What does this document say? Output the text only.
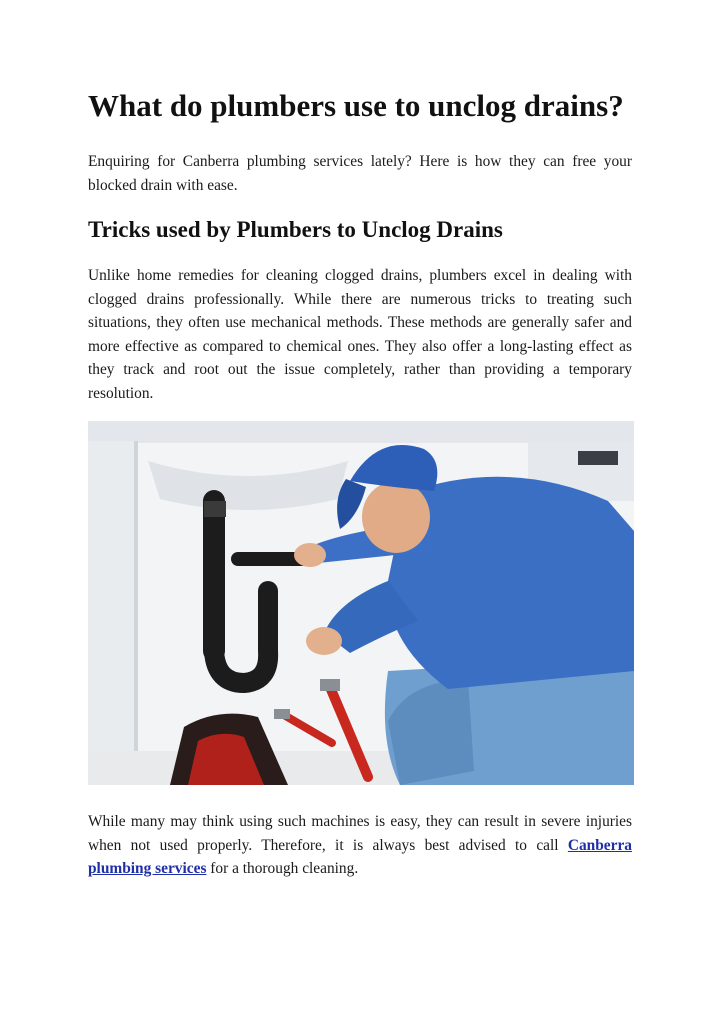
What do plumbers use to unclog drains?

Enquiring for Canberra plumbing services lately? Here is how they can free your blocked drain with ease.

Tricks used by Plumbers to Unclog Drains

Unlike home remedies for cleaning clogged drains, plumbers excel in dealing with clogged drains professionally. While there are numerous tricks to treating such situations, they often use mechanical methods. These methods are generally safer and more effective as compared to chemical ones. They also offer a long-lasting effect as they track and root out the issue completely, rather than providing a temporary resolution.

While many may think using such machines is easy, they can result in severe injuries when not used properly. Therefore, it is always best advised to call Canberra plumbing services for a thorough cleaning.
